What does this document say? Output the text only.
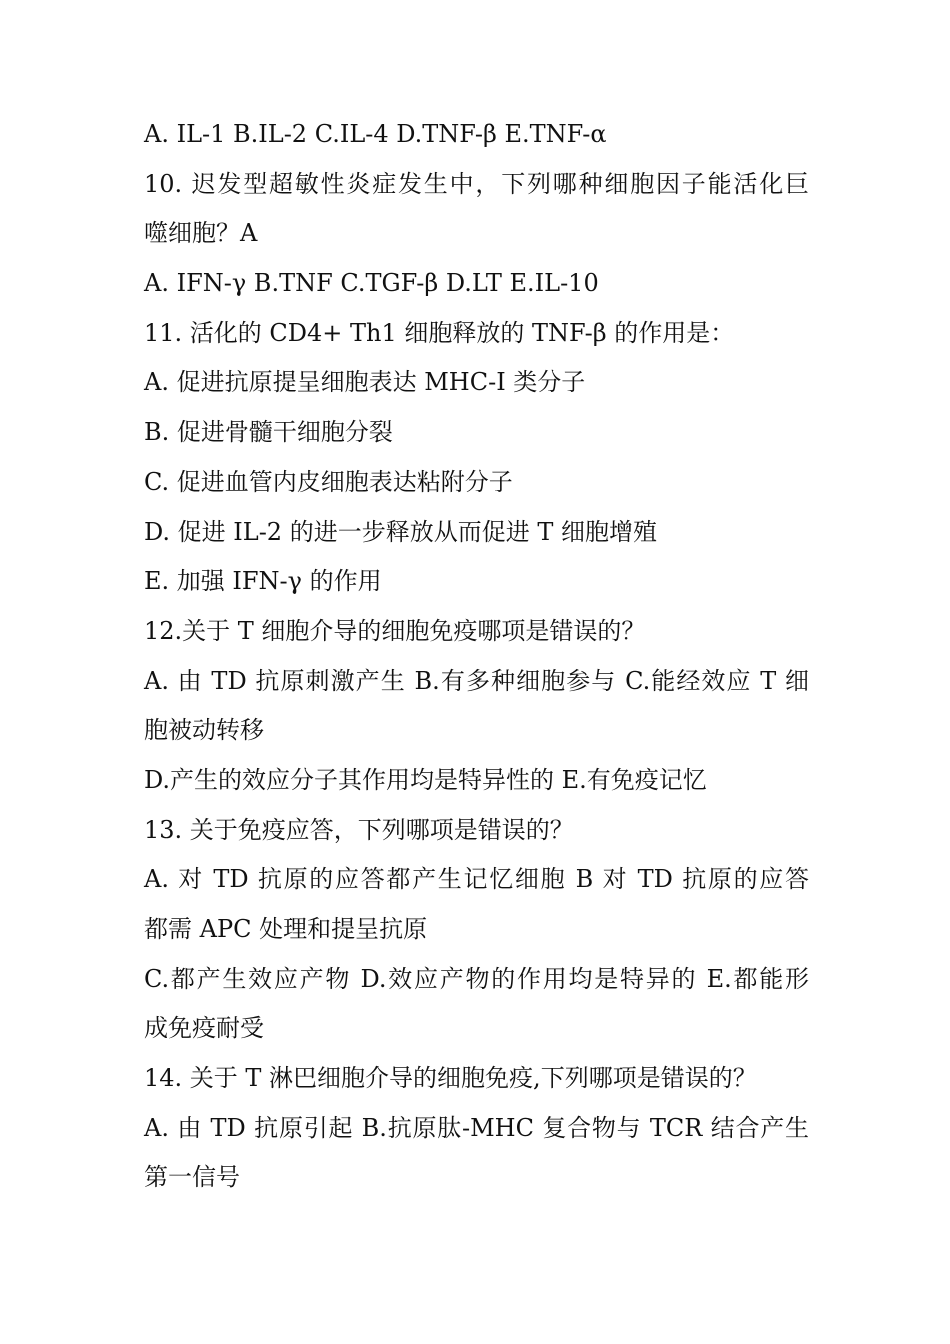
A. IL-1 B.IL-2 C.IL-4 D.TNF-β E.TNF-α

10. 迟发型超敏性炎症发生中，下列哪种细胞因子能活化巨

噬细胞？A

A. IFN-γ B.TNF C.TGF-β D.LT E.IL-10

11. 活化的 CD4+ Th1 细胞释放的 TNF-β 的作用是：

A. 促进抗原提呈细胞表达 MHC-I 类分子

B. 促进骨髓干细胞分裂

C. 促进血管内皮细胞表达粘附分子

D. 促进 IL-2 的进一步释放从而促进 T 细胞增殖

E. 加强 IFN-γ 的作用

12.关于 T 细胞介导的细胞免疫哪项是错误的？

A. 由 TD 抗原刺激产生 B.有多种细胞参与 C.能经效应 T 细

胞被动转移

D.产生的效应分子其作用均是特异性的 E.有免疫记忆

13. 关于免疫应答，下列哪项是错误的？

A. 对 TD 抗原的应答都产生记忆细胞 B 对 TD 抗原的应答

都需 APC 处理和提呈抗原

C.都产生效应产物 D.效应产物的作用均是特异的 E.都能形

成免疫耐受

14. 关于 T 淋巴细胞介导的细胞免疫,下列哪项是错误的？

A. 由 TD 抗原引起 B.抗原肽-MHC 复合物与 TCR 结合产生

第一信号
